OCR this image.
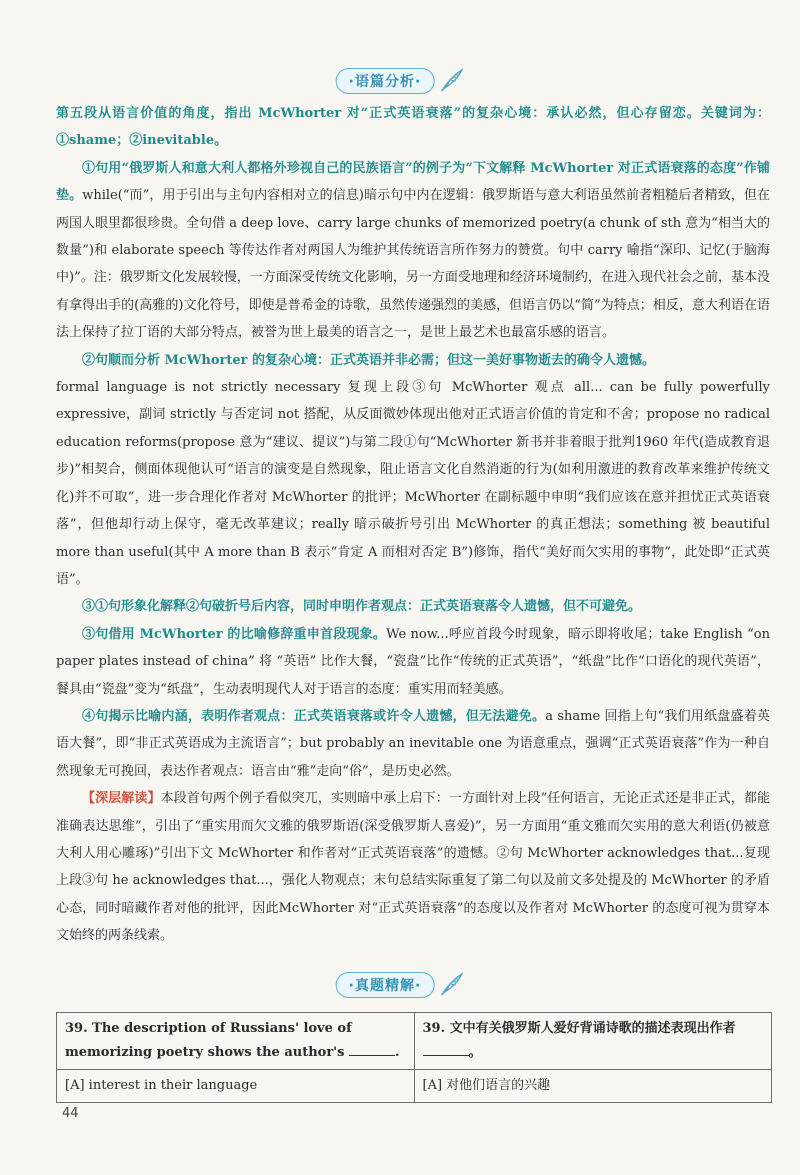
·语篇分析·

第五段从语言价值的角度，指出 McWhorter 对“正式英语衰落”的复杂心境：承认必然，但心存留恋。关键词为：①shame；②inevitable。

①句用“俄罗斯人和意大利人都格外珍视自己的民族语言”的例子为“下文解释 McWhorter 对正式语衰落的态度”作铺垫。while(“而”，用于引出与主句内容相对立的信息)暗示句中内在逻辑：俄罗斯语与意大利语虽然前者粗糙后者精致，但在两国人眼里都很珍贵。全句借 a deep love、carry large chunks of memorized poetry(a chunk of sth 意为“相当大的数量”)和 elaborate speech 等传达作者对两国人为维护其传统语言所作努力的赞赏。句中 carry 喻指“深印、记忆(于脑海中)”。注：俄罗斯文化发展较慢，一方面深受传统文化影响，另一方面受地理和经济环境制约，在进入现代社会之前，基本没有拿得出手的(高雅的)文化符号，即使是普希金的诗歌，虽然传递强烈的美感，但语言仍以“简”为特点；相反，意大利语在语法上保持了拉丁语的大部分特点，被誉为世上最美的语言之一，是世上最艺术也最富乐感的语言。

②句顺而分析 McWhorter 的复杂心境：正式英语并非必需；但这一美好事物逝去的确令人遗憾。
formal language is not strictly necessary 复现上段③句 McWhorter 观点 all... can be fully powerfully expressive，副词 strictly 与否定词 not 搭配，从反面微妙体现出他对正式语言价值的肯定和不舍；propose no radical education reforms(propose 意为“建议、提议”)与第二段①句“McWhorter 新书并非着眼于批判1960 年代(造成教育退步)”相契合，侧面体现他认可“语言的演变是自然现象，阻止语言文化自然消逝的行为(如利用激进的教育改革来维护传统文化)并不可取”，进一步合理化作者对 McWhorter 的批评；McWhorter 在副标题中申明“我们应该在意并担忧正式英语衰落”，但他却行动上保守，毫无改革建议；really 暗示破折号引出 McWhorter 的真正想法；something 被 beautiful more than useful(其中 A more than B 表示“肯定 A 而相对否定 B”)修饰，指代“美好而欠实用的事物”，此处即“正式英语”。

③①句形象化解释②句破折号后内容，同时申明作者观点：正式英语衰落令人遗憾，但不可避免。

③句借用 McWhorter 的比喻修辞重申首段现象。We now...呼应首段今时现象，暗示即将收尾；take English “on paper plates instead of china” 将 “英语” 比作大餐，“瓷盘”比作“传统的正式英语”，“纸盘”比作“口语化的现代英语”，餐具由“瓷盘”变为“纸盘”，生动表明现代人对于语言的态度：重实用而轻美感。

④句揭示比喻内涵，表明作者观点：正式英语衰落或许令人遗憾，但无法避免。a shame 回指上句“我们用纸盘盛着英语大餐”，即“非正式英语成为主流语言”；but probably an inevitable one 为语意重点，强调“正式英语衰落”作为一种自然现象无可挽回，表达作者观点：语言由“雅”走向“俗”，是历史必然。

【深层解读】本段首句两个例子看似突兀，实则暗中承上启下：一方面针对上段“任何语言，无论正式还是非正式，都能准确表达思维”，引出了“重实用而欠文雅的俄罗斯语(深受俄罗斯人喜爱)”，另一方面用“重文雅而欠实用的意大利语(仍被意大利人用心雕琢)”引出下文 McWhorter 和作者对“正式英语衰落”的遗憾。②句 McWhorter acknowledges that...复现上段③句 he acknowledges that...，强化人物观点；末句总结实际重复了第二句以及前文多处提及的 McWhorter 的矛盾心态，同时暗藏作者对他的批评，因此McWhorter 对“正式英语衰落”的态度以及作者对 McWhorter 的态度可视为贯穿本文始终的两条线索。

·真题精解·
39. The description of Russians' love of memorizing poetry shows the author's .	39. 文中有关俄罗斯人爱好背诵诗歌的描述表现出作者 。
[A] interest in their language	[A] 对他们语言的兴趣
44
